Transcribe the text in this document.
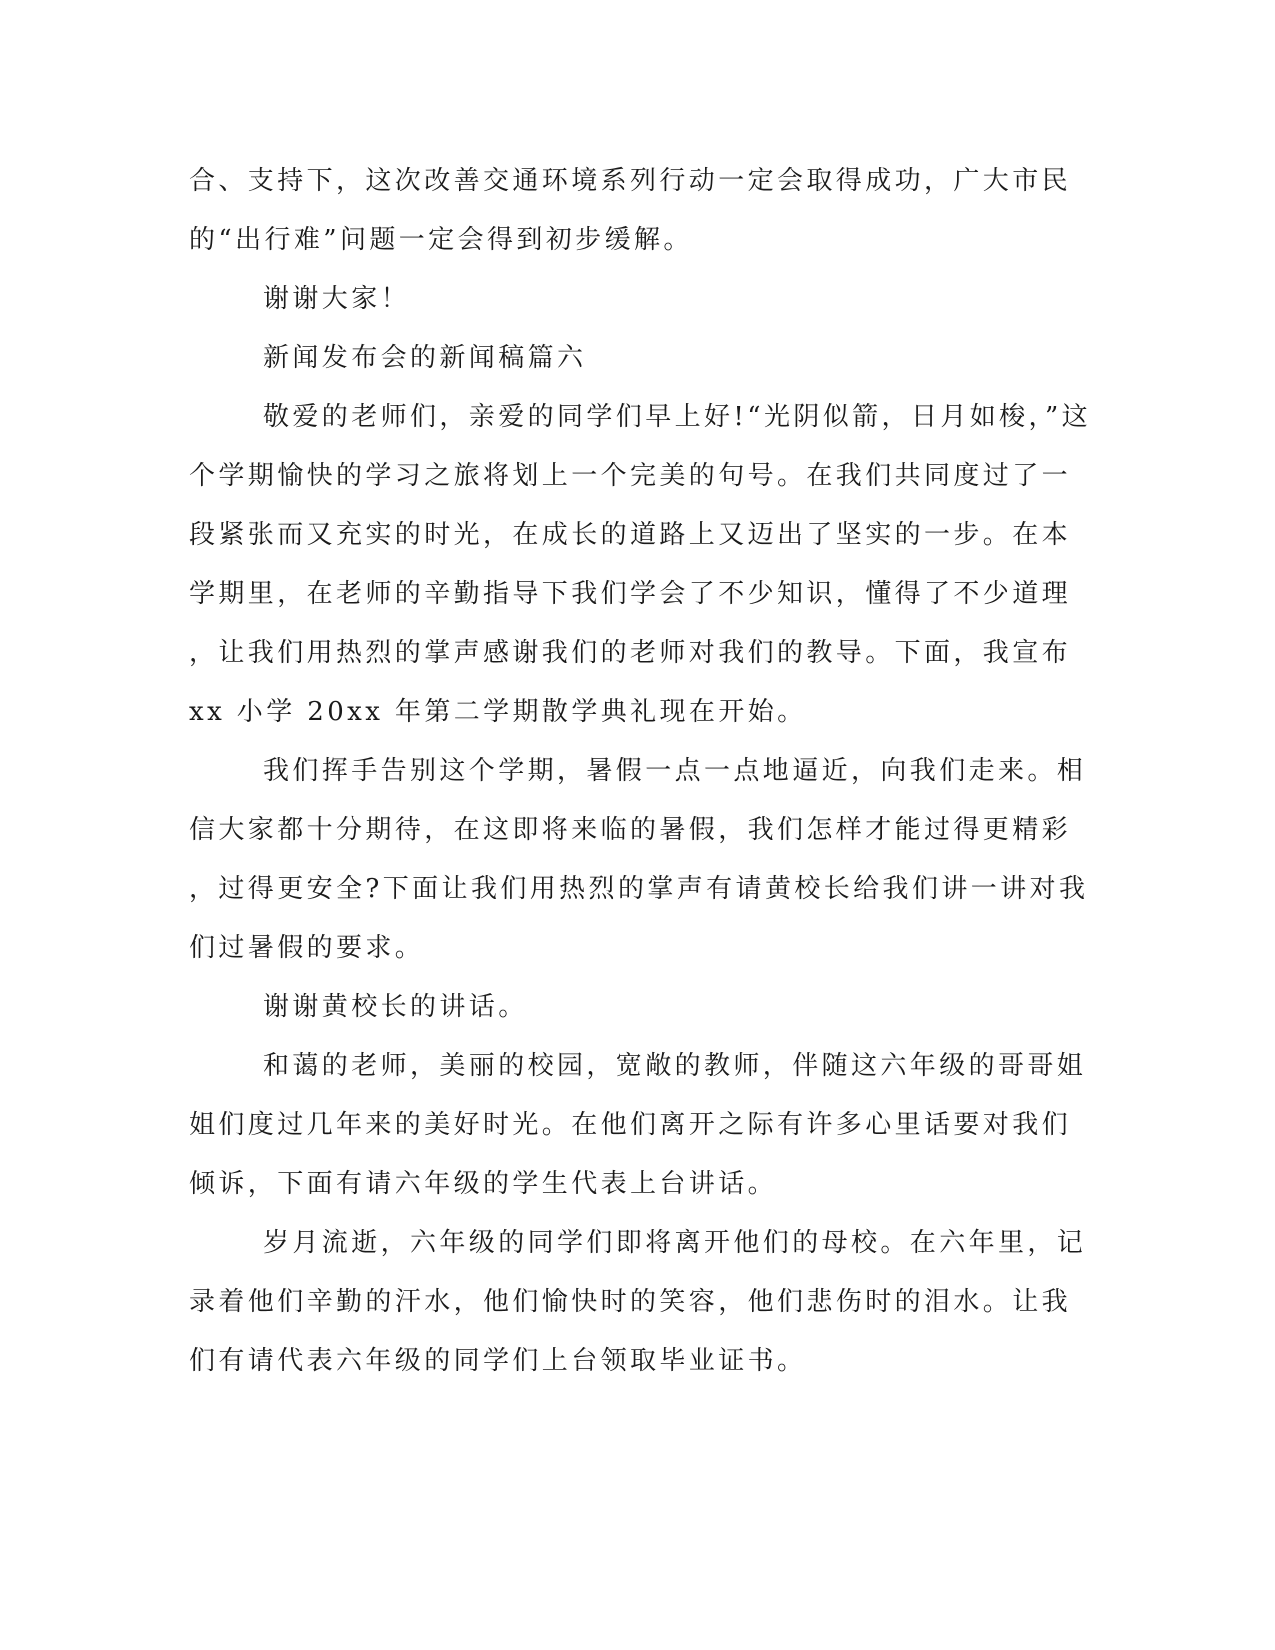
合、支持下，这次改善交通环境系列行动一定会取得成功，广大市民
的“出行难”问题一定会得到初步缓解。
谢谢大家！
新闻发布会的新闻稿篇六
敬爱的老师们，亲爱的同学们早上好!“光阴似箭，日月如梭，”这
个学期愉快的学习之旅将划上一个完美的句号。在我们共同度过了一
段紧张而又充实的时光，在成长的道路上又迈出了坚实的一步。在本
学期里，在老师的辛勤指导下我们学会了不少知识，懂得了不少道理
，让我们用热烈的掌声感谢我们的老师对我们的教导。下面，我宣布
xx 小学 20xx 年第二学期散学典礼现在开始。
我们挥手告别这个学期，暑假一点一点地逼近，向我们走来。相
信大家都十分期待，在这即将来临的暑假，我们怎样才能过得更精彩
，过得更安全?下面让我们用热烈的掌声有请黄校长给我们讲一讲对我
们过暑假的要求。
谢谢黄校长的讲话。
和蔼的老师，美丽的校园，宽敞的教师，伴随这六年级的哥哥姐
姐们度过几年来的美好时光。在他们离开之际有许多心里话要对我们
倾诉，下面有请六年级的学生代表上台讲话。
岁月流逝，六年级的同学们即将离开他们的母校。在六年里，记
录着他们辛勤的汗水，他们愉快时的笑容，他们悲伤时的泪水。让我
们有请代表六年级的同学们上台领取毕业证书。
